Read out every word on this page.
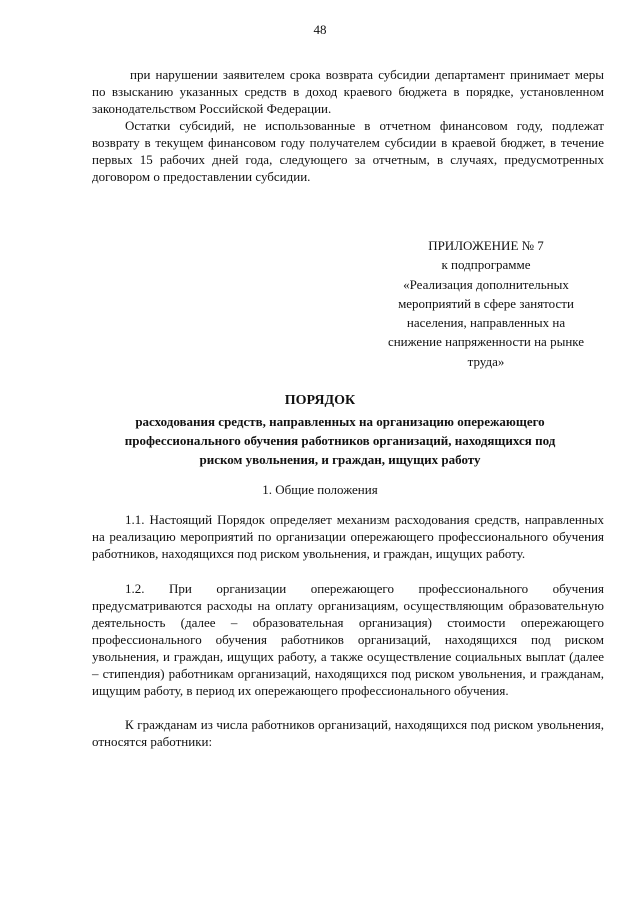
48

при нарушении заявителем срока возврата субсидии департамент принимает меры по взысканию указанных средств в доход краевого бюджета в порядке, установленном законодательством Российской Федерации.

Остатки субсидий, не использованные в отчетном финансовом году, подлежат возврату в текущем финансовом году получателем субсидии в краевой бюджет, в течение первых 15 рабочих дней года, следующего за отчетным, в случаях, предусмотренных договором о предоставлении субсидии.

ПРИЛОЖЕНИЕ № 7
к подпрограмме
«Реализация дополнительных
мероприятий в сфере занятости
населения, направленных на
снижение напряженности на рынке
труда»
ПОРЯДОК
расходования средств, направленных на организацию опережающего
профессионального обучения работников организаций, находящихся под
риском увольнения, и граждан, ищущих работу
1. Общие положения

1.1. Настоящий Порядок определяет механизм расходования средств, направленных на реализацию мероприятий по организации опережающего профессионального обучения работников, находящихся под риском увольнения, и граждан, ищущих работу.

1.2. При организации опережающего профессионального обучения предусматриваются расходы на оплату организациям, осуществляющим образовательную деятельность (далее – образовательная организация) стоимости опережающего профессионального обучения работников организаций, находящихся под риском увольнения, и граждан, ищущих работу, а также осуществление социальных выплат (далее – стипендия) работникам организаций, находящихся под риском увольнения, и гражданам, ищущим работу, в период их опережающего профессионального обучения.

К гражданам из числа работников организаций, находящихся под риском увольнения, относятся работники:
